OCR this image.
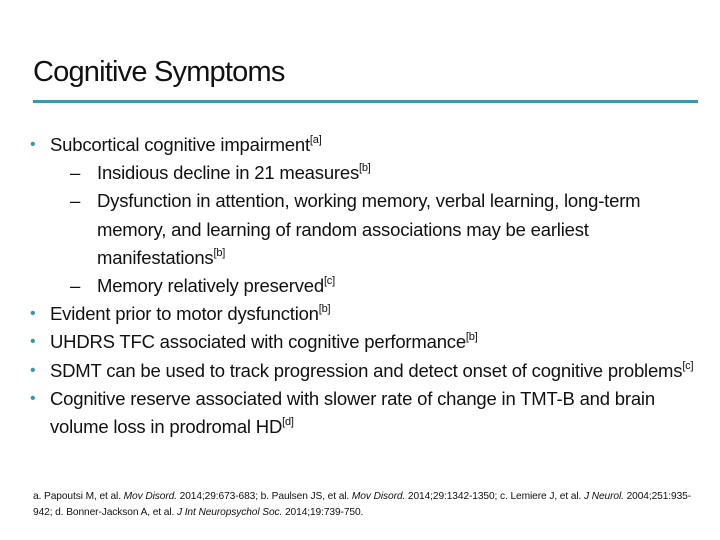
Cognitive Symptoms
• Subcortical cognitive impairment[a]
– Insidious decline in 21 measures[b]
– Dysfunction in attention, working memory, verbal learning, long-term memory, and learning of random associations may be earliest manifestations[b]
– Memory relatively preserved[c]
• Evident prior to motor dysfunction[b]
• UHDRS TFC associated with cognitive performance[b]
• SDMT can be used to track progression and detect onset of cognitive problems[c]
• Cognitive reserve associated with slower rate of change in TMT-B and brain volume loss in prodromal HD[d]
a. Papoutsi M, et al. Mov Disord. 2014;29:673-683; b. Paulsen JS, et al. Mov Disord. 2014;29:1342-1350; c. Lemiere J, et al. J Neurol. 2004;251:935-942; d. Bonner-Jackson A, et al. J Int Neuropsychol Soc. 2014;19:739-750.
